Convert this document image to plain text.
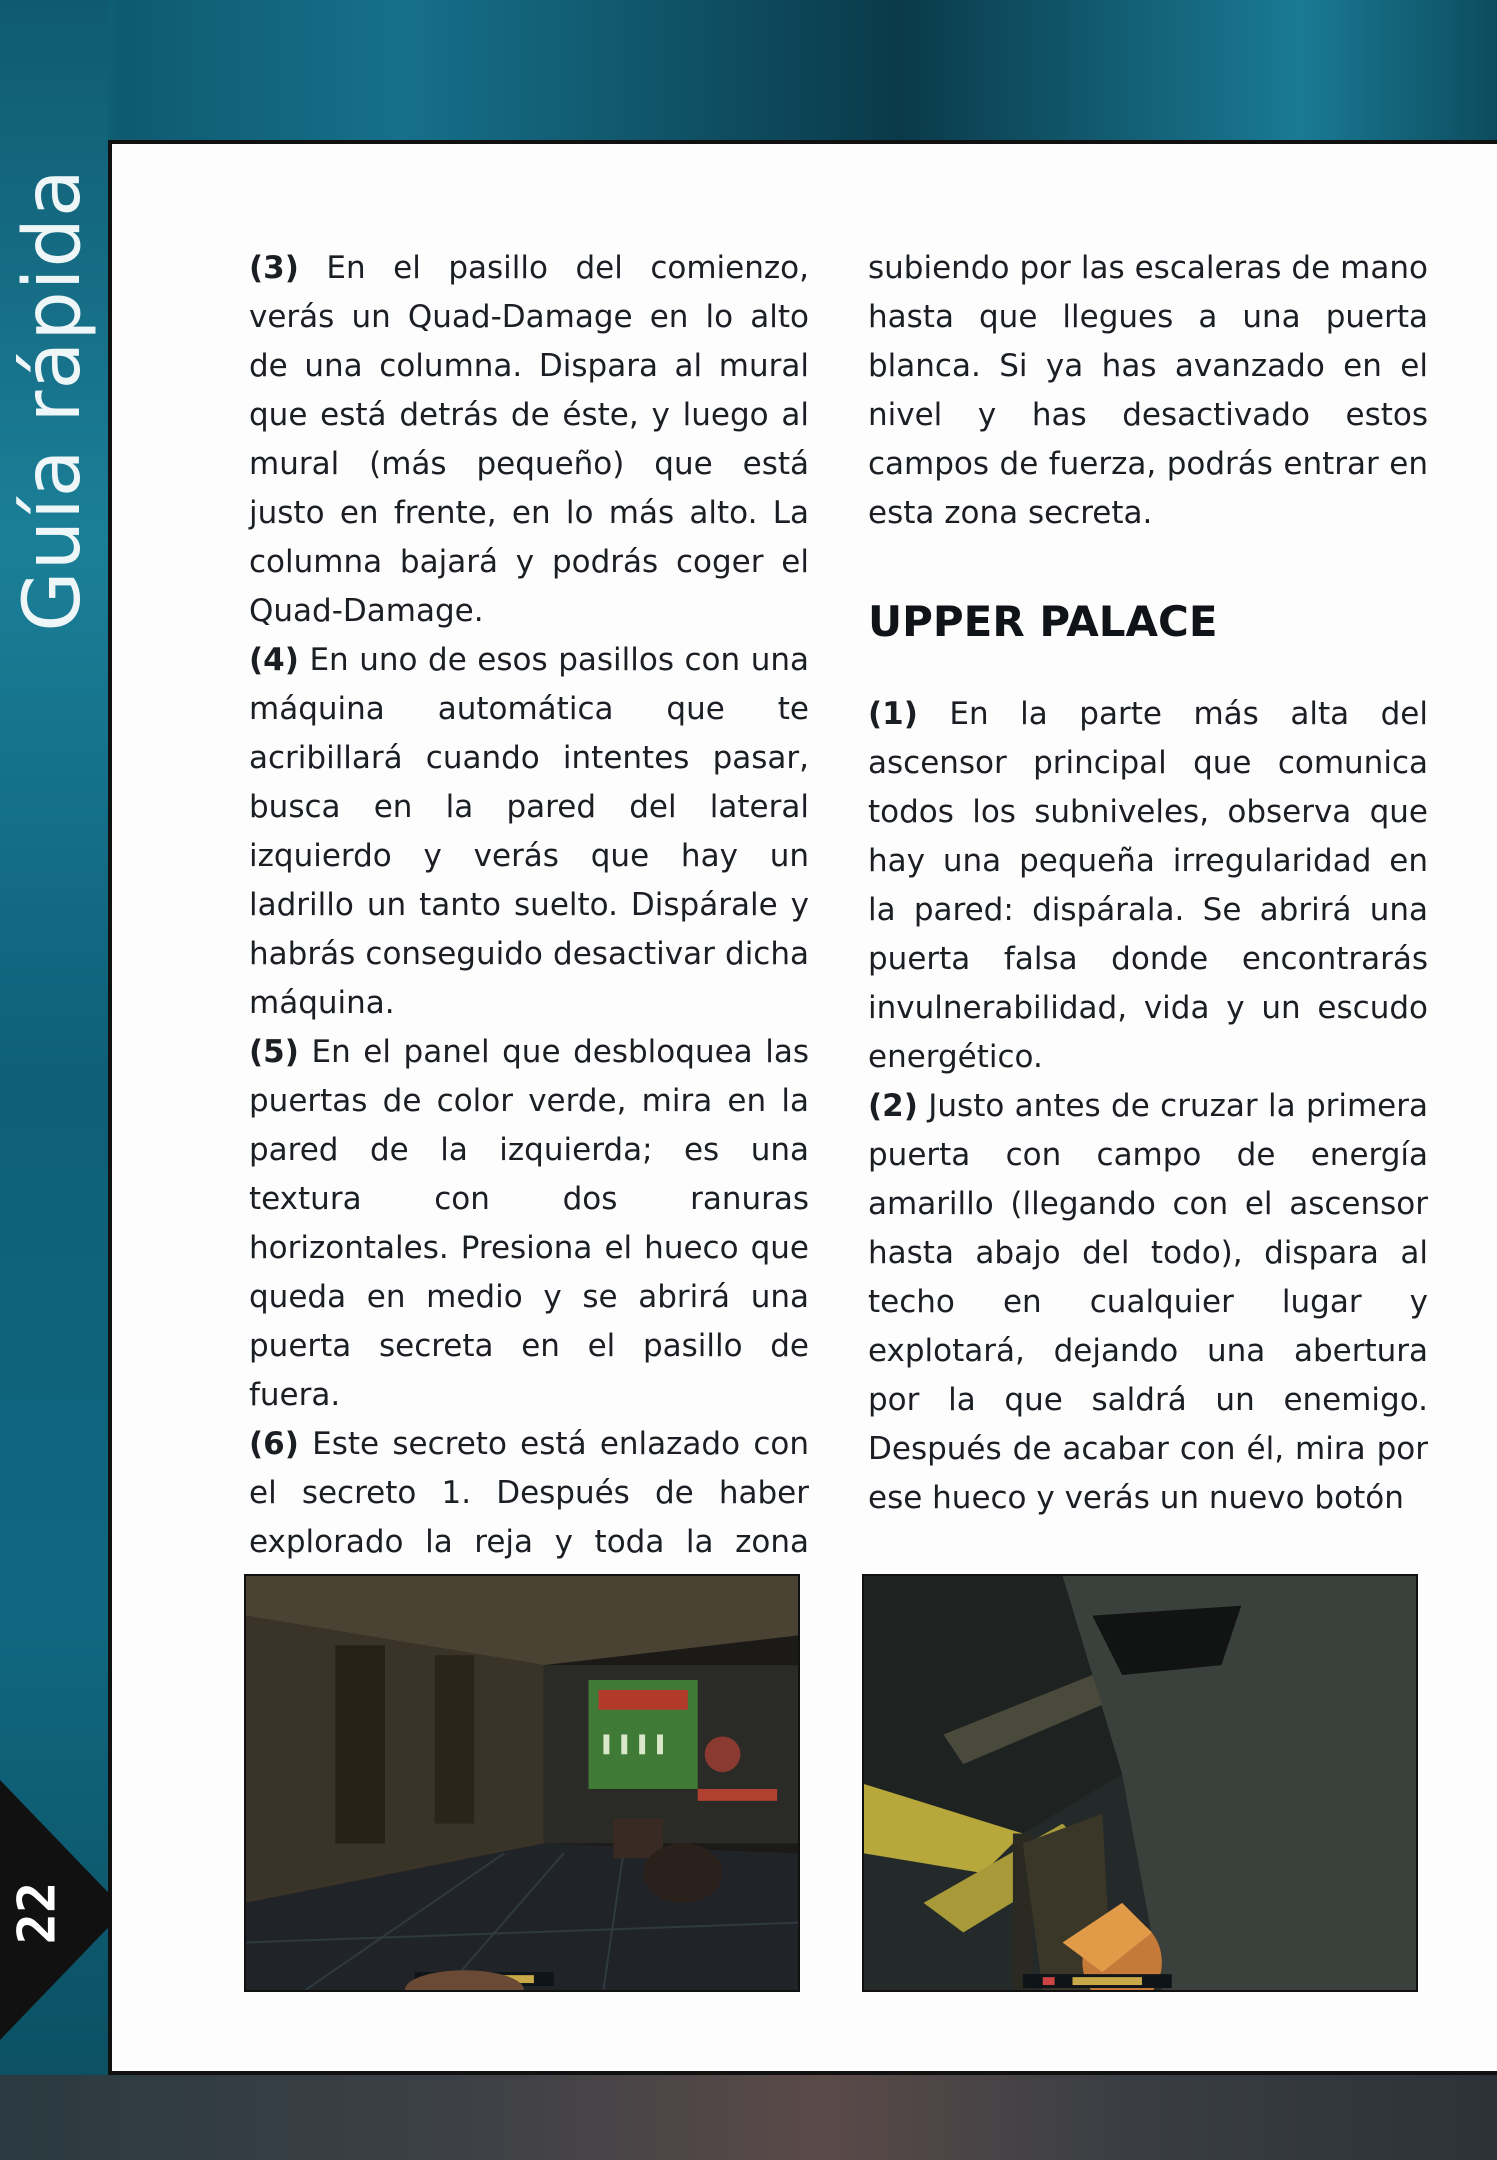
Guía rápida
22

(3) En el pasillo del comienzo, verás un Quad-Damage en lo alto de una columna. Dispara al mural que está detrás de éste, y luego al mural (más pequeño) que está justo en frente, en lo más alto. La columna bajará y podrás coger el Quad-Damage.

(4) En uno de esos pasillos con una máquina automática que te acribillará cuando intentes pasar, busca en la pared del lateral izquierdo y verás que hay un ladrillo un tanto suelto. Dispárale y habrás conseguido desactivar dicha máquina.

(5) En el panel que desbloquea las puertas de color verde, mira en la pared de la izquierda; es una textura con dos ranuras horizontales. Presiona el hueco que queda en medio y se abrirá una puerta secreta en el pasillo de fuera.

(6) Este secreto está enlazado con el secreto 1. Después de haber explorado la reja y toda la zona

subiendo por las escaleras de mano hasta que llegues a una puerta blanca. Si ya has avanzado en el nivel y has desactivado estos campos de fuerza, podrás entrar en esta zona secreta.

UPPER PALACE

(1) En la parte más alta del ascensor principal que comunica todos los subniveles, observa que hay una pequeña irregularidad en la pared: dispárala. Se abrirá una puerta falsa donde encontrarás invulnerabilidad, vida y un escudo energético.

(2) Justo antes de cruzar la primera puerta con campo de energía amarillo (llegando con el ascensor hasta abajo del todo), dispara al techo en cualquier lugar y explotará, dejando una abertura por la que saldrá un enemigo. Después de acabar con él, mira por ese hueco y verás un nuevo botón
